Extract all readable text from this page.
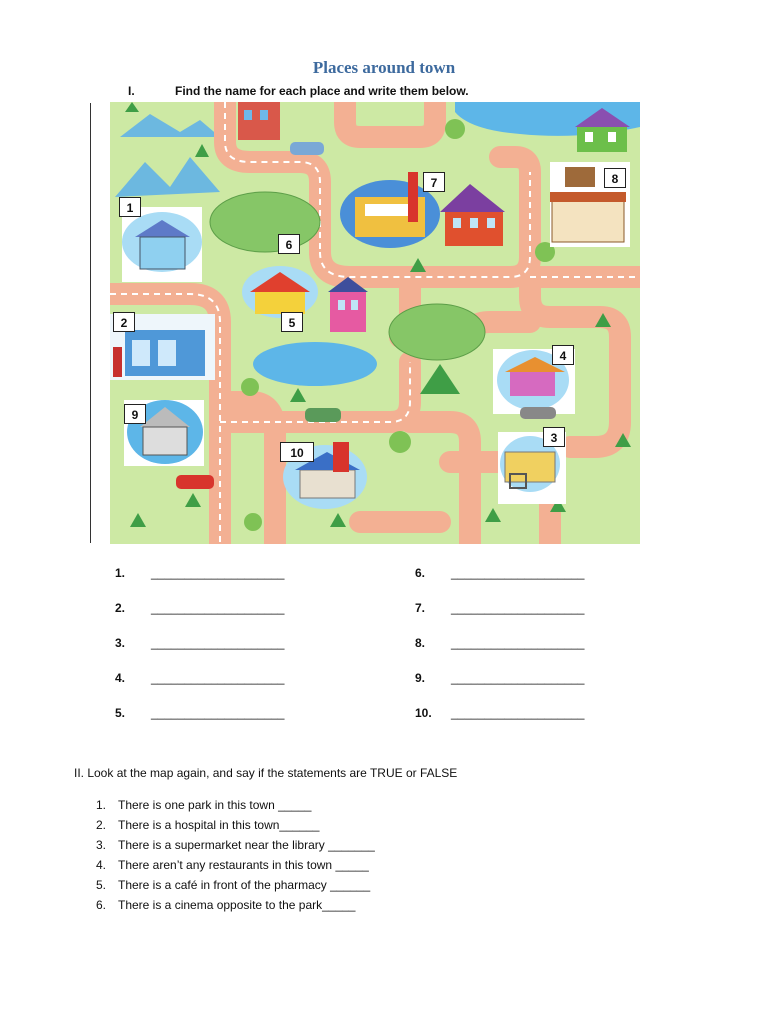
Places around town
I.	Find the name for each place and write them below.
1
2
3
4
5
6
7	8
9
10
1.	____________________
2.	____________________
3.	____________________
4.	____________________
5.	____________________
6.	____________________
7.	____________________
8.	____________________
9.	____________________
10.	____________________
II. Look at the map again, and say if the statements are TRUE or FALSE
1. There is one park in this town _____
2. There is a hospital in this town______
3. There is a supermarket near the library _______
4. There aren’t any restaurants in this town _____
5. There is a café in front of the pharmacy ______
6. There is a cinema opposite to the park_____
